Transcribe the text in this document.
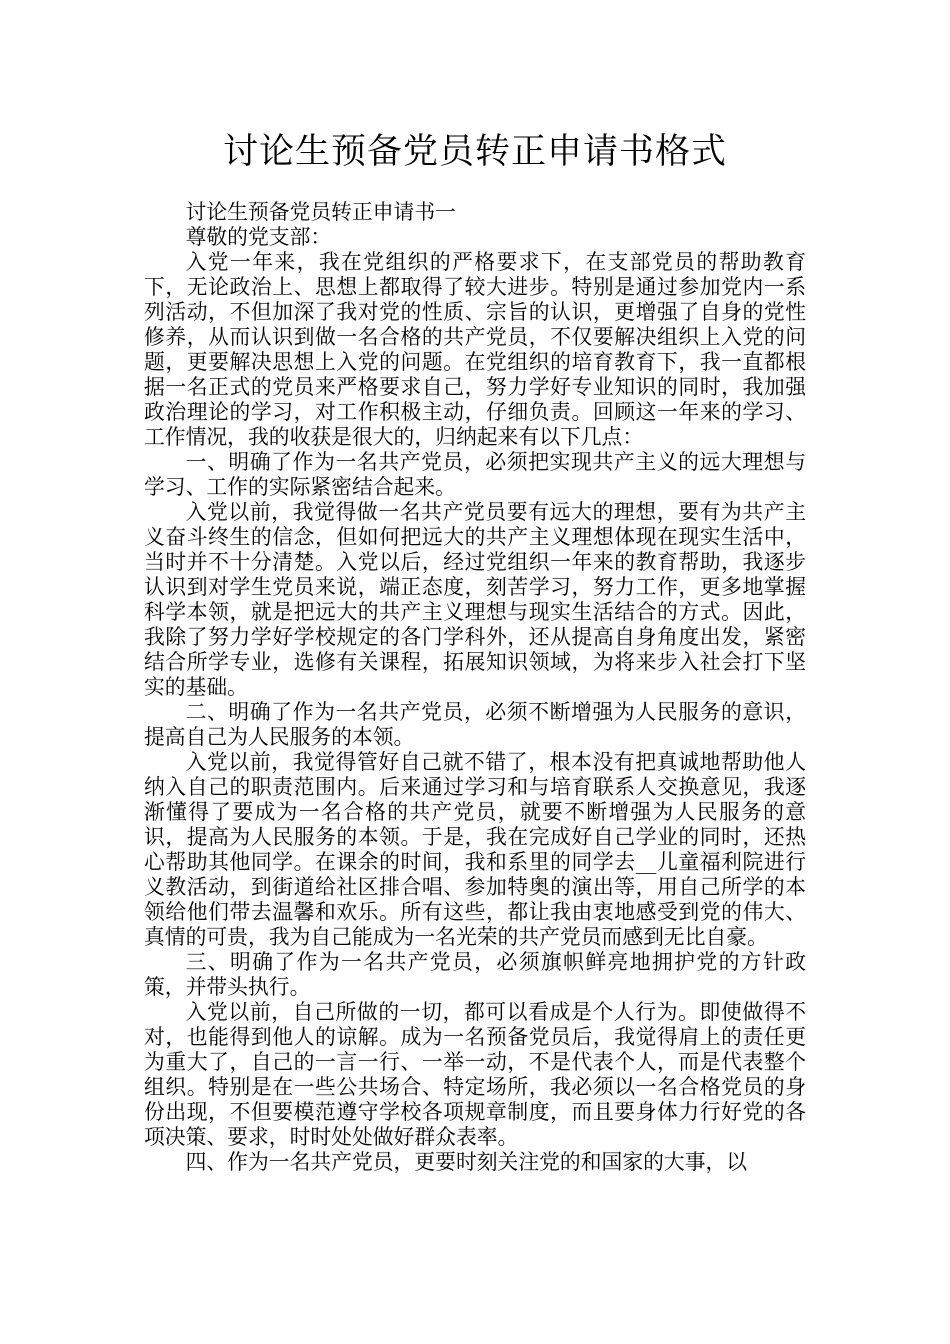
讨论生预备党员转正申请书格式

讨论生预备党员转正申请书一

尊敬的党支部：

入党一年来，我在党组织的严格要求下，在支部党员的帮助教育下，无论政治上、思想上都取得了较大进步。特别是通过参加党内一系列活动，不但加深了我对党的性质、宗旨的认识，更增强了自身的党性修养，从而认识到做一名合格的共产党员，不仅要解决组织上入党的问题，更要解决思想上入党的问题。在党组织的培育教育下，我一直都根据一名正式的党员来严格要求自己，努力学好专业知识的同时，我加强政治理论的学习，对工作积极主动，仔细负责。回顾这一年来的学习、工作情况，我的收获是很大的，归纳起来有以下几点：

一、明确了作为一名共产党员，必须把实现共产主义的远大理想与学习、工作的实际紧密结合起来。

入党以前，我觉得做一名共产党员要有远大的理想，要有为共产主义奋斗终生的信念，但如何把远大的共产主义理想体现在现实生活中，当时并不十分清楚。入党以后，经过党组织一年来的教育帮助，我逐步认识到对学生党员来说，端正态度，刻苦学习，努力工作，更多地掌握科学本领，就是把远大的共产主义理想与现实生活结合的方式。因此，我除了努力学好学校规定的各门学科外，还从提高自身角度出发，紧密结合所学专业，选修有关课程，拓展知识领域，为将来步入社会打下坚实的基础。

二、明确了作为一名共产党员，必须不断增强为人民服务的意识，提高自己为人民服务的本领。

入党以前，我觉得管好自己就不错了，根本没有把真诚地帮助他人纳入自己的职责范围内。后来通过学习和与培育联系人交换意见，我逐渐懂得了要成为一名合格的共产党员，就要不断增强为人民服务的意识，提高为人民服务的本领。于是，我在完成好自己学业的同时，还热心帮助其他同学。在课余的时间，我和系里的同学去__儿童福利院进行义教活动，到街道给社区排合唱、参加特奥的演出等，用自己所学的本领给他们带去温馨和欢乐。所有这些，都让我由衷地感受到党的伟大、真情的可贵，我为自己能成为一名光荣的共产党员而感到无比自豪。

三、明确了作为一名共产党员，必须旗帜鲜亮地拥护党的方针政策，并带头执行。

入党以前，自己所做的一切，都可以看成是个人行为。即使做得不对，也能得到他人的谅解。成为一名预备党员后，我觉得肩上的责任更为重大了，自己的一言一行、一举一动，不是代表个人，而是代表整个组织。特别是在一些公共场合、特定场所，我必须以一名合格党员的身份出现，不但要模范遵守学校各项规章制度，而且要身体力行好党的各项决策、要求，时时处处做好群众表率。

四、作为一名共产党员，更要时刻关注党的和国家的大事，以
